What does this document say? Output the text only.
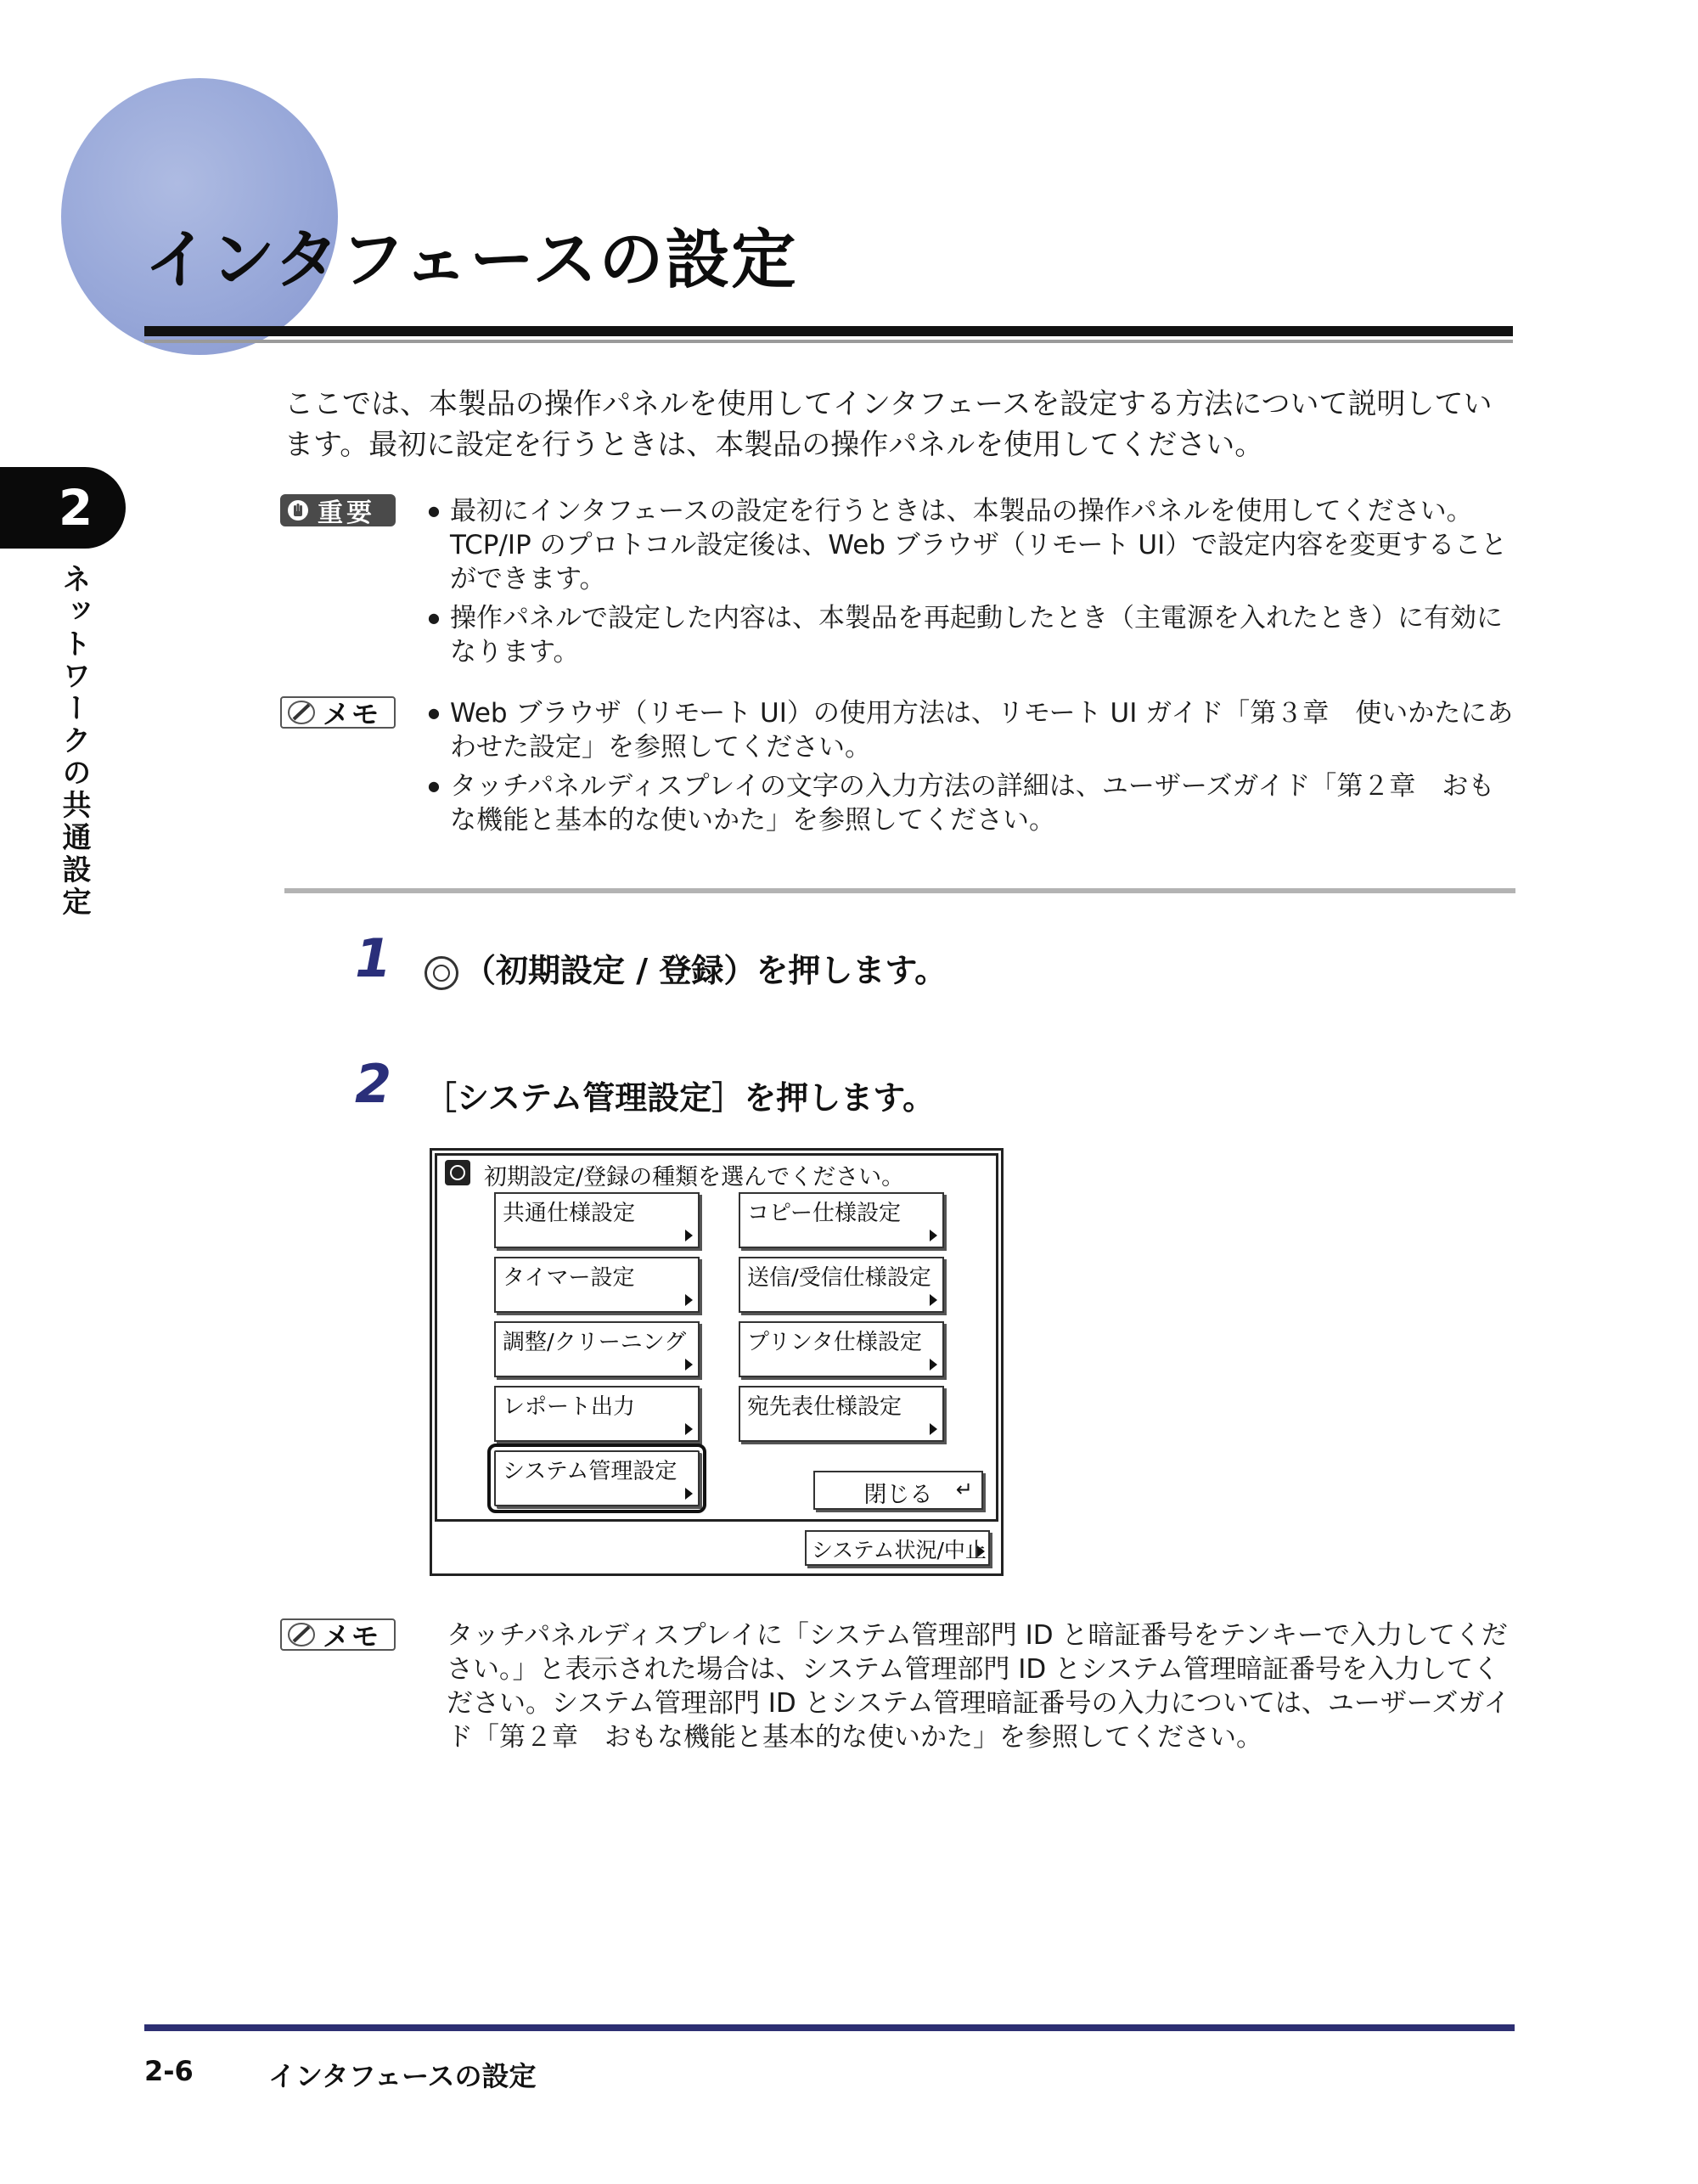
インタフェースの設定
2
ネットワークの共通設定
ここでは、本製品の操作パネルを使用してインタフェースを設定する方法について説明しています。最初に設定を行うときは、本製品の操作パネルを使用してください。
重要	● 最初にインタフェースの設定を行うときは、本製品の操作パネルを使用してください。TCP/IP のプロトコル設定後は、Web ブラウザ（リモート UI）で設定内容を変更することができます。
● 操作パネルで設定した内容は、本製品を再起動したとき（主電源を入れたとき）に有効になります。
メモ	● Web ブラウザ（リモート UI）の使用方法は、リモート UI ガイド「第３章　使いかたにあわせた設定」を参照してください。
● タッチパネルディスプレイの文字の入力方法の詳細は、ユーザーズガイド「第２章　おもな機能と基本的な使いかた」を参照してください。
1	（初期設定 / 登録）を押します。
2 ［システム管理設定］を押します。
初期設定/登録の種類を選んでください。
共通仕様設定	コピー仕様設定
タイマー設定	送信/受信仕様設定
調整/クリーニング	プリンタ仕様設定
レポート出力	宛先表仕様設定
システム管理設定
閉じる	↵
システム状況/中止
メモ	タッチパネルディスプレイに「システム管理部門 ID と暗証番号をテンキーで入力してください。」と表示された場合は、システム管理部門 ID とシステム管理暗証番号を入力してください。システム管理部門 ID とシステム管理暗証番号の入力については、ユーザーズガイド「第２章　おもな機能と基本的な使いかた」を参照してください。
2-6	インタフェースの設定
